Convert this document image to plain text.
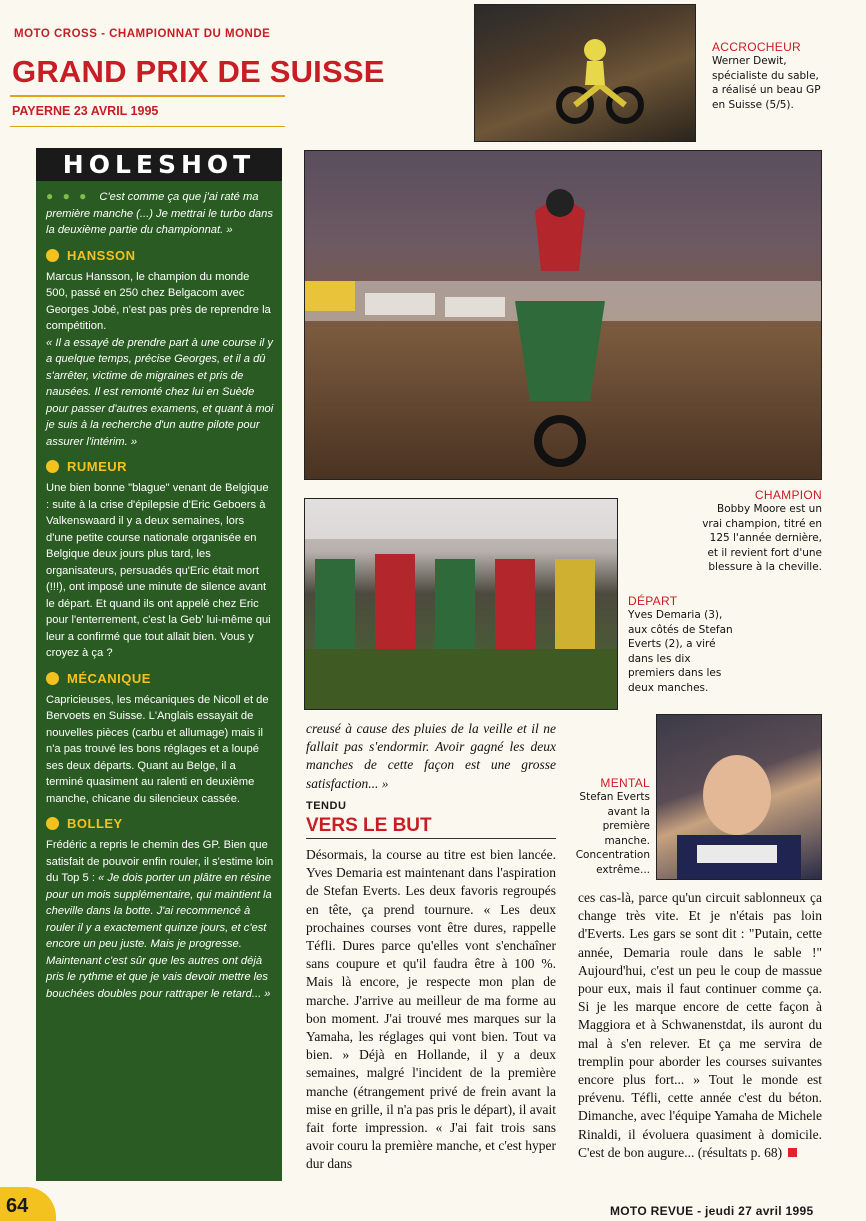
MOTO CROSS - CHAMPIONNAT DU MONDE
GRAND PRIX DE SUISSE
PAYERNE 23 AVRIL 1995
ACCROCHEUR
Werner Dewit, spécialiste du sable, a réalisé un beau GP en Suisse (5/5).
HOLESHOT

● ● ● C'est comme ça que j'ai raté ma première manche (...) Je mettrai le turbo dans la deuxième partie du championnat. »

HANSSON

Marcus Hansson, le champion du monde 500, passé en 250 chez Belgacom avec Georges Jobé, n'est pas près de reprendre la compétition.

« Il a essayé de prendre part à une course il y a quelque temps, précise Georges, et il a dû s'arrêter, victime de migraines et pris de nausées. Il est remonté chez lui en Suède pour passer d'autres examens, et quant à moi je suis à la recherche d'un autre pilote pour assurer l'intérim. »

RUMEUR

Une bien bonne "blague" venant de Belgique : suite à la crise d'épilepsie d'Eric Geboers à Valkenswaard il y a deux semaines, lors d'une petite course nationale organisée en Belgique deux jours plus tard, les organisateurs, persuadés qu'Eric était mort (!!!), ont imposé une minute de silence avant le départ. Et quand ils ont appelé chez Eric pour l'enterrement, c'est la Geb' lui-même qui leur a confirmé que tout allait bien. Vous y croyez à ça ?

MÉCANIQUE

Capricieuses, les mécaniques de Nicoll et de Bervoets en Suisse. L'Anglais essayait de nouvelles pièces (carbu et allumage) mais il n'a pas trouvé les bons réglages et a loupé ses deux départs. Quant au Belge, il a terminé quasiment au ralenti en deuxième manche, chicane du silencieux cassée.

BOLLEY

Frédéric a repris le chemin des GP. Bien que satisfait de pouvoir enfin rouler, il s'estime loin du Top 5 : « Je dois porter un plâtre en résine pour un mois supplémentaire, qui maintient la cheville dans la botte. J'ai recommencé à rouler il y a exactement quinze jours, et c'est encore un peu juste. Mais je progresse. Maintenant c'est sûr que les autres ont déjà pris le rythme et que je vais devoir mettre les bouchées doubles pour rattraper le retard... »

CHAMPION
Bobby Moore est un vrai champion, titré en 125 l'année dernière, et il revient fort d'une blessure à la cheville.
DÉPART
Yves Demaria (3), aux côtés de Stefan Everts (2), a viré dans les dix premiers dans les deux manches.
MENTAL
Stefan Everts avant la première manche. Concentration extrême...

creusé à cause des pluies de la veille et il ne fallait pas s'endormir. Avoir gagné les deux manches de cette façon est une grosse satisfaction... »

TENDU
VERS LE BUT

Désormais, la course au titre est bien lancée. Yves Demaria est maintenant dans l'aspiration de Stefan Everts. Les deux favoris regroupés en tête, ça prend tournure. « Les deux prochaines courses vont être dures, rappelle Téfli. Dures parce qu'elles vont s'enchaîner sans coupure et qu'il faudra être à 100 %. Mais là encore, je respecte mon plan de marche. J'arrive au meilleur de ma forme au bon moment. J'ai trouvé mes marques sur la Yamaha, les réglages qui vont bien. Tout va bien. » Déjà en Hollande, il y a deux semaines, malgré l'incident de la première manche (étrangement privé de frein avant la mise en grille, il n'a pas pris le départ), il avait fait forte impression. « J'ai fait trois sans avoir couru la première manche, et c'est hyper dur dans

ces cas-là, parce qu'un circuit sablonneux ça change très vite. Et je n'étais pas loin d'Everts. Les gars se sont dit : "Putain, cette année, Demaria roule dans le sable !" Aujourd'hui, c'est un peu le coup de massue pour eux, mais il faut continuer comme ça. Si je les marque encore de cette façon à Maggiora et à Schwanenstdat, ils auront du mal à s'en relever. Et ça me servira de tremplin pour aborder les courses suivantes encore plus fort... » Tout le monde est prévenu. Téfli, cette année c'est du béton. Dimanche, avec l'équipe Yamaha de Michele Rinaldi, il évoluera quasiment à domicile. C'est de bon augure... (résultats p. 68)

64	MOTO REVUE - jeudi 27 avril 1995
